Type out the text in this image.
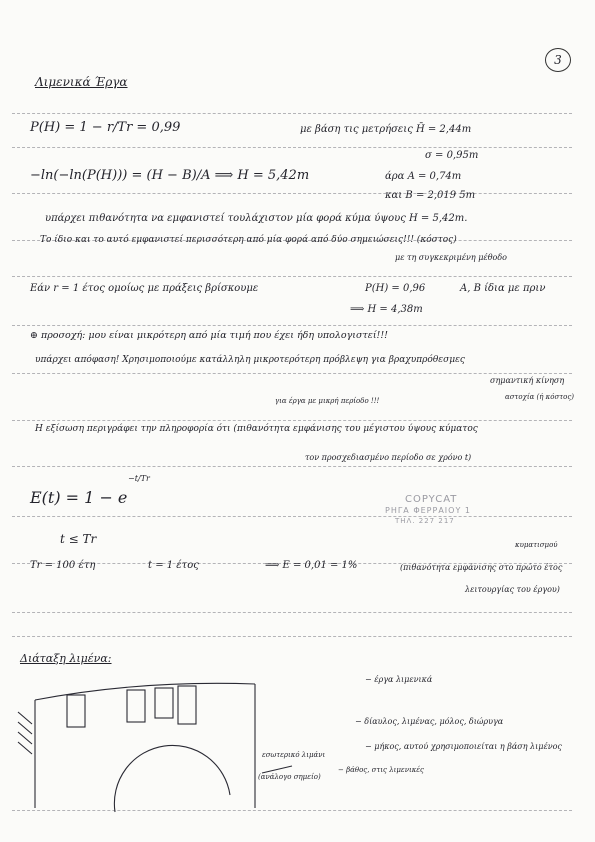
3
Λιμενικά Έργα
P(H) = 1 − r/Tr = 0,99	με βάση τις μετρήσεις H̄ = 2,44m
σ = 0,95m
−ln(−ln(P(H))) = (H − B)/A ⟹ H = 5,42m	άρα A = 0,74m
και B = 2,019 5m
υπάρχει πιθανότητα να εμφανιστεί τουλάχιστον μία φορά κύμα ύψους H = 5,42m.
Το ίδιο και το αυτό εμφανιστεί περισσότερη από μία φορά από δύο σημειώσεις!!! (κόστος)
με τη συγκεκριμένη μέθοδο
Εάν r = 1 έτος ομοίως με πράξεις βρίσκουμε	P(H) = 0,96	A, B ίδια με πριν
⟹ H = 4,38m
⊕ προσοχή: μου είναι μικρότερη από μία τιμή που έχει ήδη υπολογιστεί!!!
υπάρχει απόφαση! Χρησιμοποιούμε κατάλληλη μικροτερότερη πρόβλεψη για βραχυπρόθεσμες
σημαντική κίνηση
για έργα με μικρή περίοδο !!!	αστοχία (ή κόστος)
Η εξίσωση περιγράφει την πληροφορία ότι (πιθανότητα εμφάνισης του μέγιστου ύψους κύματος
τον προσχεδιασμένο περίοδο σε χρόνο t)
E(t) = 1 − e
−t/Tr
COPYCAT
ΡΗΓΑ ΦΕΡΡΑΙΟΥ 1
ΤΗΛ. 227 217
t ≤ Tr	κυματισμού
Tr = 100 έτη	t = 1 έτος	⟹ E = 0,01 = 1%	(πιθανότητα εμφάνισης στο πρώτο έτος
λειτουργίας του έργου)
Διάταξη λιμένα:
− έργα λιμενικά
− δίαυλος, λιμένας, μόλος, διώρυγα
− μήκος, αυτού χρησιμοποιείται η βάση λιμένος
− βάθος, στις λιμενικές
εσωτερικό λιμάνι
(ανάλογο σημείο)
